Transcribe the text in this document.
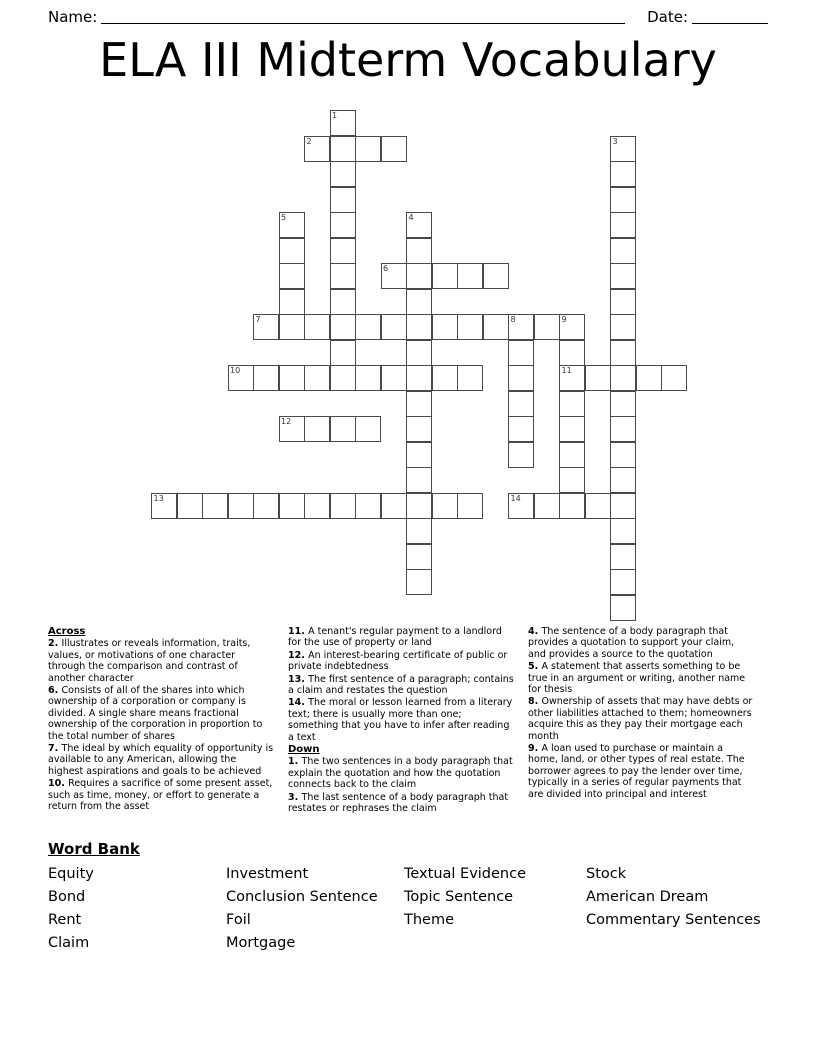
Name:	Date:
ELA III Midterm Vocabulary
1
2	3
4
5
6
7	8	9
11
10
12
13	14

Across

2. Illustrates or reveals information, traits, values, or motivations of one character through the comparison and contrast of another character

6. Consists of all of the shares into which ownership of a corporation or company is divided. A single share means fractional ownership of the corporation in proportion to the total number of shares

7. The ideal by which equality of opportunity is available to any American, allowing the highest aspirations and goals to be achieved

10. Requires a sacrifice of some present asset, such as time, money, or effort to generate a return from the asset

11. A tenant's regular payment to a landlord for the use of property or land

12. An interest-bearing certificate of public or private indebtedness

13. The first sentence of a paragraph; contains a claim and restates the question

14. The moral or lesson learned from a literary text; there is usually more than one; something that you have to infer after reading a text

Down

1. The two sentences in a body paragraph that explain the quotation and how the quotation connects back to the claim

3. The last sentence of a body paragraph that restates or rephrases the claim

4. The sentence of a body paragraph that provides a quotation to support your claim, and provides a source to the quotation

5. A statement that asserts something to be true in an argument or writing, another name for thesis

8. Ownership of assets that may have debts or other liabilities attached to them; homeowners acquire this as they pay their mortgage each month

9. A loan used to purchase or maintain a home, land, or other types of real estate. The borrower agrees to pay the lender over time, typically in a series of regular payments that are divided into principal and interest

Word Bank
Equity	Investment	Textual Evidence	Stock
Bond	Conclusion Sentence	Topic Sentence	American Dream
Rent	Foil	Theme	Commentary Sentences
Claim	Mortgage
